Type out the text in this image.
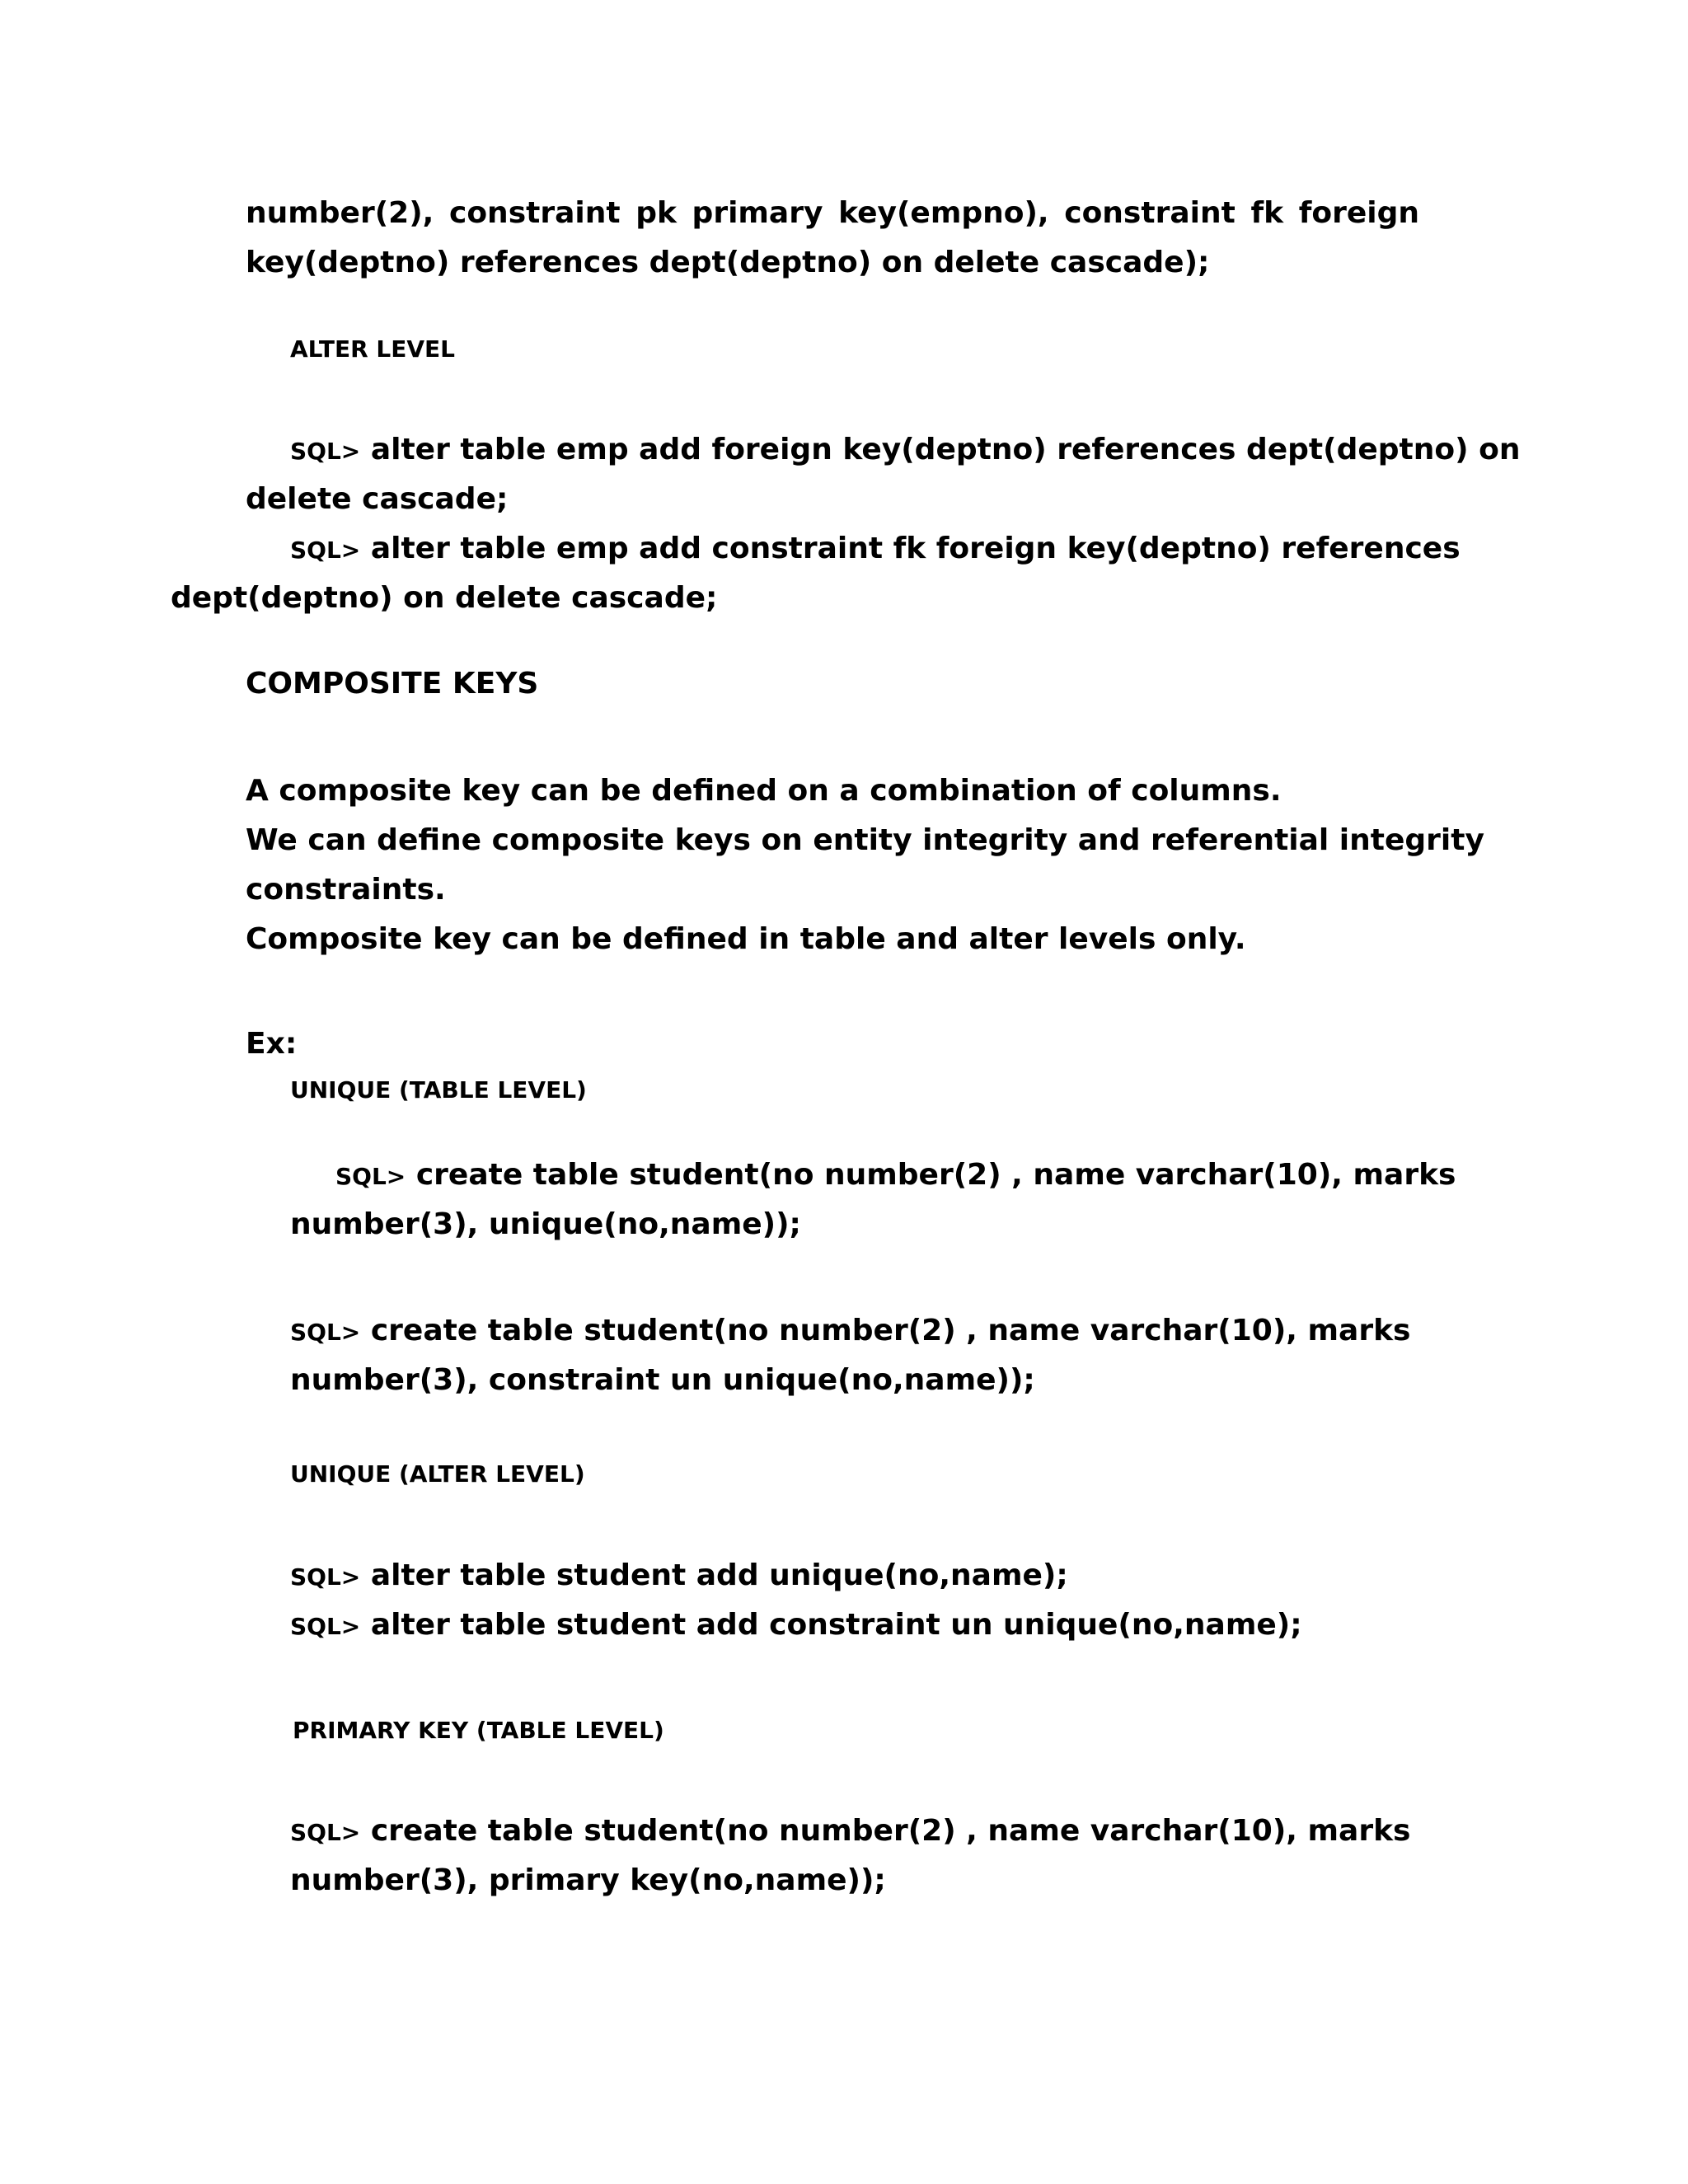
number(2), constraint pk primary key(empno), constraint fk foreign
key(deptno) references dept(deptno) on delete cascade);
ALTER LEVEL
SQL> alter table emp add foreign key(deptno) references dept(deptno) on
delete cascade;
SQL> alter table emp add constraint fk foreign key(deptno) references
dept(deptno) on delete cascade;
COMPOSITE KEYS
A composite key can be defined on a combination of columns.
We can define composite keys on entity integrity and referential integrity
constraints.
Composite key can be defined in table and alter levels only.
Ex:
UNIQUE (TABLE LEVEL)
SQL> create table student(no number(2) , name varchar(10), marks
number(3), unique(no,name));
SQL> create table student(no number(2) , name varchar(10), marks
number(3), constraint un unique(no,name));
UNIQUE (ALTER LEVEL)
SQL> alter table student add unique(no,name);
SQL> alter table student add constraint un unique(no,name);
PRIMARY KEY (TABLE LEVEL)
SQL> create table student(no number(2) , name varchar(10), marks
number(3), primary key(no,name));
